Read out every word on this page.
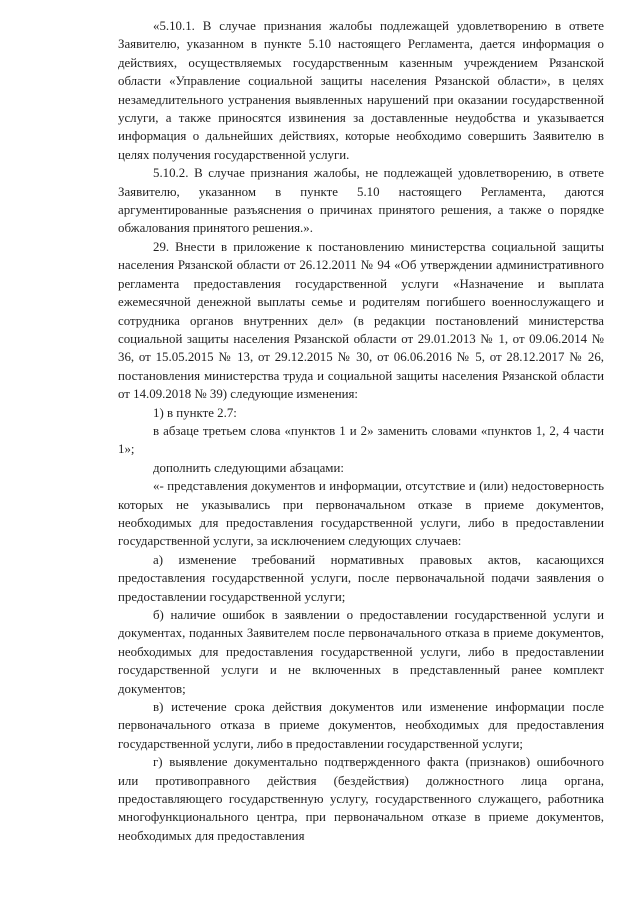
«5.10.1. В случае признания жалобы подлежащей удовлетворению в ответе Заявителю, указанном в пункте 5.10 настоящего Регламента, дается информация о действиях, осуществляемых государственным казенным учреждением Рязанской области «Управление социальной защиты населения Рязанской области», в целях незамедлительного устранения выявленных нарушений при оказании государственной услуги, а также приносятся извинения за доставленные неудобства и указывается информация о дальнейших действиях, которые необходимо совершить Заявителю в целях получения государственной услуги.

5.10.2. В случае признания жалобы, не подлежащей удовлетворению, в ответе Заявителю, указанном в пункте 5.10 настоящего Регламента, даются аргументированные разъяснения о причинах принятого решения, а также о порядке обжалования принятого решения.».

29. Внести в приложение к постановлению министерства социальной защиты населения Рязанской области от 26.12.2011 № 94 «Об утверждении административного регламента предоставления государственной услуги «Назначение и выплата ежемесячной денежной выплаты семье и родителям погибшего военнослужащего и сотрудника органов внутренних дел» (в редакции постановлений министерства социальной защиты населения Рязанской области от 29.01.2013 № 1, от 09.06.2014 № 36, от 15.05.2015 № 13, от 29.12.2015 № 30, от 06.06.2016 № 5, от 28.12.2017 № 26, постановления министерства труда и социальной защиты населения Рязанской области от 14.09.2018 № 39) следующие изменения:

1) в пункте 2.7:

в абзаце третьем слова «пунктов 1 и 2» заменить словами «пунктов 1, 2, 4 части 1»;

дополнить следующими абзацами:

«- представления документов и информации, отсутствие и (или) недостоверность которых не указывались при первоначальном отказе в приеме документов, необходимых для предоставления государственной услуги, либо в предоставлении государственной услуги, за исключением следующих случаев:

а) изменение требований нормативных правовых актов, касающихся предоставления государственной услуги, после первоначальной подачи заявления о предоставлении государственной услуги;

б) наличие ошибок в заявлении о предоставлении государственной услуги и документах, поданных Заявителем после первоначального отказа в приеме документов, необходимых для предоставления государственной услуги, либо в предоставлении государственной услуги и не включенных в представленный ранее комплект документов;

в) истечение срока действия документов или изменение информации после первоначального отказа в приеме документов, необходимых для предоставления государственной услуги, либо в предоставлении государственной услуги;

г) выявление документально подтвержденного факта (признаков) ошибочного или противоправного действия (бездействия) должностного лица органа, предоставляющего государственную услугу, государственного служащего, работника многофункционального центра, при первоначальном отказе в приеме документов, необходимых для предоставления
